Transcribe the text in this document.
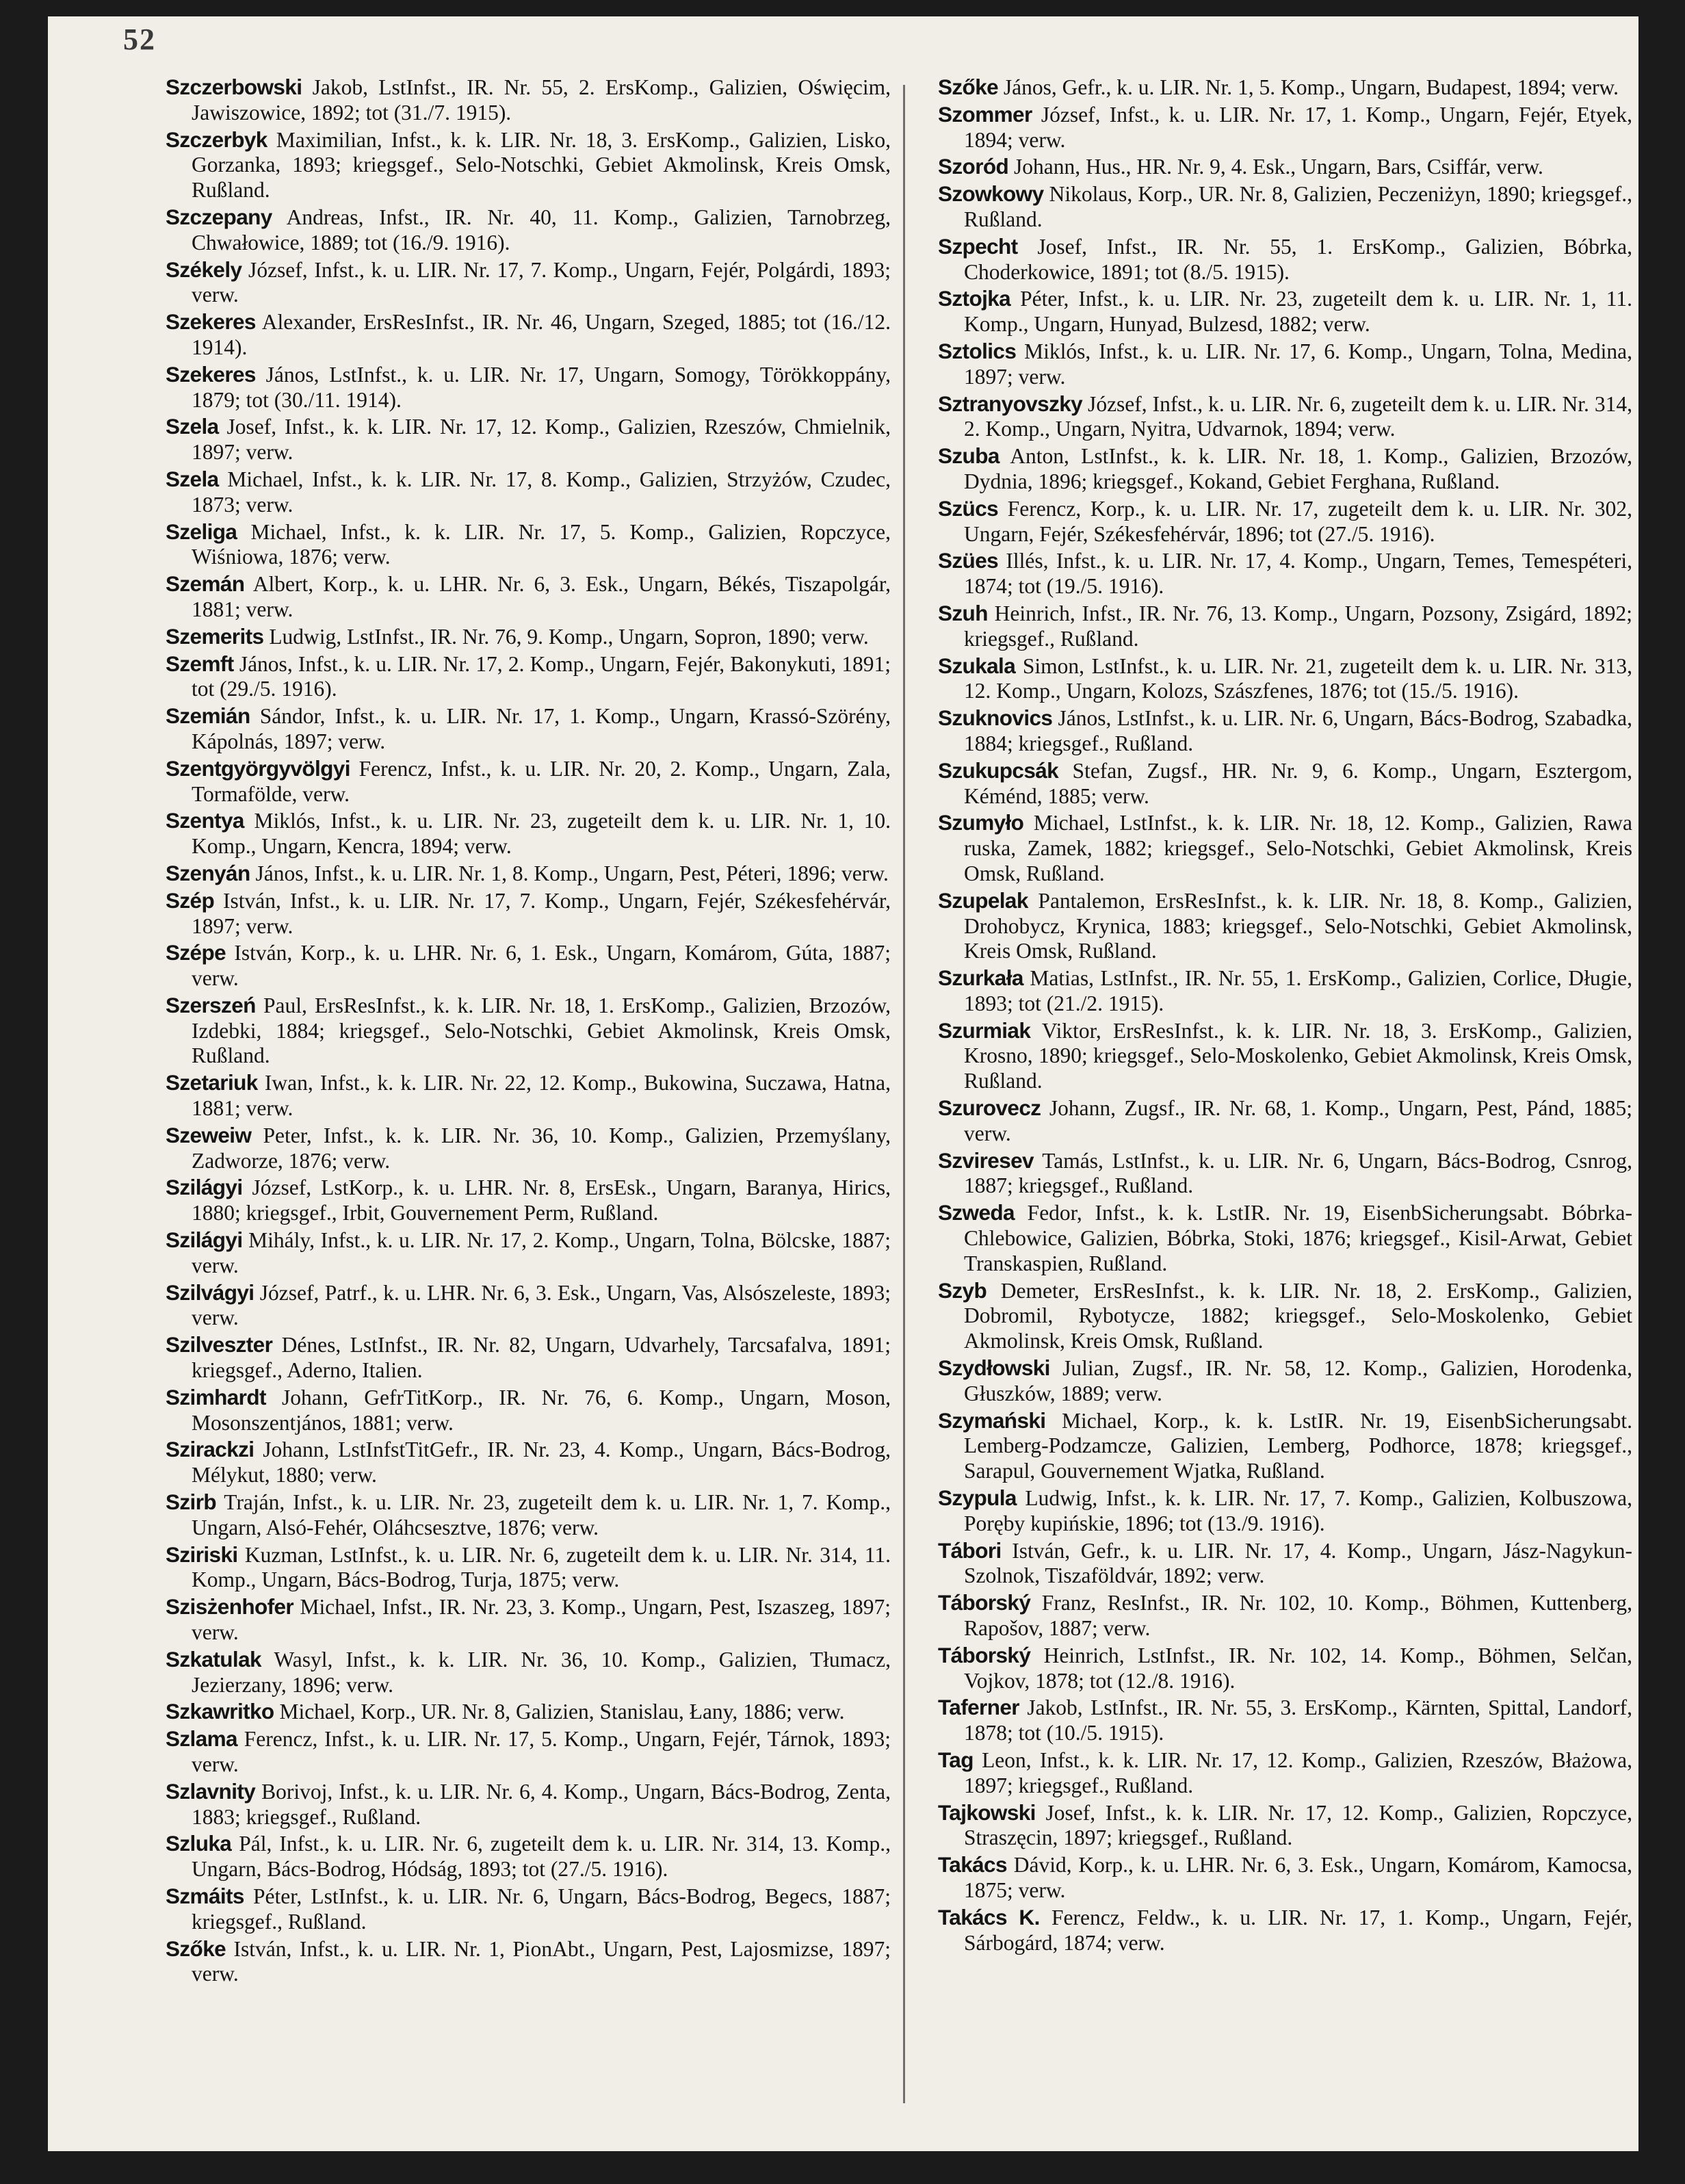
52

Szczerbowski Jakob, LstInfst., IR. Nr. 55, 2. ErsKomp., Galizien, Oświęcim, Jawiszowice, 1892; tot (31./7. 1915).

Szczerbyk Maximilian, Infst., k. k. LIR. Nr. 18, 3. ErsKomp., Galizien, Lisko, Gorzanka, 1893; kriegsgef., Selo-Notschki, Gebiet Akmolinsk, Kreis Omsk, Rußland.

Szczepany Andreas, Infst., IR. Nr. 40, 11. Komp., Galizien, Tarnobrzeg, Chwałowice, 1889; tot (16./9. 1916).

Székely József, Infst., k. u. LIR. Nr. 17, 7. Komp., Ungarn, Fejér, Polgárdi, 1893; verw.

Szekeres Alexander, ErsResInfst., IR. Nr. 46, Ungarn, Szeged, 1885; tot (16./12. 1914).

Szekeres János, LstInfst., k. u. LIR. Nr. 17, Ungarn, Somogy, Törökkoppány, 1879; tot (30./11. 1914).

Szela Josef, Infst., k. k. LIR. Nr. 17, 12. Komp., Galizien, Rzeszów, Chmielnik, 1897; verw.

Szela Michael, Infst., k. k. LIR. Nr. 17, 8. Komp., Galizien, Strzyżów, Czudec, 1873; verw.

Szeliga Michael, Infst., k. k. LIR. Nr. 17, 5. Komp., Galizien, Ropczyce, Wiśniowa, 1876; verw.

Szemán Albert, Korp., k. u. LHR. Nr. 6, 3. Esk., Ungarn, Békés, Tiszapolgár, 1881; verw.

Szemerits Ludwig, LstInfst., IR. Nr. 76, 9. Komp., Ungarn, Sopron, 1890; verw.

Szemft János, Infst., k. u. LIR. Nr. 17, 2. Komp., Ungarn, Fejér, Bakonykuti, 1891; tot (29./5. 1916).

Szemián Sándor, Infst., k. u. LIR. Nr. 17, 1. Komp., Ungarn, Krassó-Szörény, Kápolnás, 1897; verw.

Szentgyörgyvölgyi Ferencz, Infst., k. u. LIR. Nr. 20, 2. Komp., Ungarn, Zala, Tormafölde, verw.

Szentya Miklós, Infst., k. u. LIR. Nr. 23, zugeteilt dem k. u. LIR. Nr. 1, 10. Komp., Ungarn, Kencra, 1894; verw.

Szenyán János, Infst., k. u. LIR. Nr. 1, 8. Komp., Ungarn, Pest, Péteri, 1896; verw.

Szép István, Infst., k. u. LIR. Nr. 17, 7. Komp., Ungarn, Fejér, Székesfehérvár, 1897; verw.

Szépe István, Korp., k. u. LHR. Nr. 6, 1. Esk., Ungarn, Komárom, Gúta, 1887; verw.

Szerszeń Paul, ErsResInfst., k. k. LIR. Nr. 18, 1. ErsKomp., Galizien, Brzozów, Izdebki, 1884; kriegsgef., Selo-Notschki, Gebiet Akmolinsk, Kreis Omsk, Rußland.

Szetariuk Iwan, Infst., k. k. LIR. Nr. 22, 12. Komp., Bukowina, Suczawa, Hatna, 1881; verw.

Szeweiw Peter, Infst., k. k. LIR. Nr. 36, 10. Komp., Galizien, Przemyślany, Zadworze, 1876; verw.

Szilágyi József, LstKorp., k. u. LHR. Nr. 8, ErsEsk., Ungarn, Baranya, Hirics, 1880; kriegsgef., Irbit, Gouvernement Perm, Rußland.

Szilágyi Mihály, Infst., k. u. LIR. Nr. 17, 2. Komp., Ungarn, Tolna, Bölcske, 1887; verw.

Szilvágyi József, Patrf., k. u. LHR. Nr. 6, 3. Esk., Ungarn, Vas, Alsószeleste, 1893; verw.

Szilveszter Dénes, LstInfst., IR. Nr. 82, Ungarn, Udvarhely, Tarcsafalva, 1891; kriegsgef., Aderno, Italien.

Szimhardt Johann, GefrTitKorp., IR. Nr. 76, 6. Komp., Ungarn, Moson, Mosonszentjános, 1881; verw.

Szirackzi Johann, LstInfstTitGefr., IR. Nr. 23, 4. Komp., Ungarn, Bács-Bodrog, Mélykut, 1880; verw.

Szirb Traján, Infst., k. u. LIR. Nr. 23, zugeteilt dem k. u. LIR. Nr. 1, 7. Komp., Ungarn, Alsó-Fehér, Oláhcsesztve, 1876; verw.

Sziriski Kuzman, LstInfst., k. u. LIR. Nr. 6, zugeteilt dem k. u. LIR. Nr. 314, 11. Komp., Ungarn, Bács-Bodrog, Turja, 1875; verw.

Szisżenhofer Michael, Infst., IR. Nr. 23, 3. Komp., Ungarn, Pest, Iszaszeg, 1897; verw.

Szkatulak Wasyl, Infst., k. k. LIR. Nr. 36, 10. Komp., Galizien, Tłumacz, Jezierzany, 1896; verw.

Szkawritko Michael, Korp., UR. Nr. 8, Galizien, Stanislau, Łany, 1886; verw.

Szlama Ferencz, Infst., k. u. LIR. Nr. 17, 5. Komp., Ungarn, Fejér, Tárnok, 1893; verw.

Szlavnity Borivoj, Infst., k. u. LIR. Nr. 6, 4. Komp., Ungarn, Bács-Bodrog, Zenta, 1883; kriegsgef., Rußland.

Szluka Pál, Infst., k. u. LIR. Nr. 6, zugeteilt dem k. u. LIR. Nr. 314, 13. Komp., Ungarn, Bács-Bodrog, Hódság, 1893; tot (27./5. 1916).

Szmáits Péter, LstInfst., k. u. LIR. Nr. 6, Ungarn, Bács-Bodrog, Begecs, 1887; kriegsgef., Rußland.

Szőke István, Infst., k. u. LIR. Nr. 1, PionAbt., Ungarn, Pest, Lajosmizse, 1897; verw.

Szőke János, Gefr., k. u. LIR. Nr. 1, 5. Komp., Ungarn, Budapest, 1894; verw.

Szommer József, Infst., k. u. LIR. Nr. 17, 1. Komp., Ungarn, Fejér, Etyek, 1894; verw.

Szoród Johann, Hus., HR. Nr. 9, 4. Esk., Ungarn, Bars, Csiffár, verw.

Szowkowy Nikolaus, Korp., UR. Nr. 8, Galizien, Peczeniżyn, 1890; kriegsgef., Rußland.

Szpecht Josef, Infst., IR. Nr. 55, 1. ErsKomp., Galizien, Bóbrka, Choderkowice, 1891; tot (8./5. 1915).

Sztojka Péter, Infst., k. u. LIR. Nr. 23, zugeteilt dem k. u. LIR. Nr. 1, 11. Komp., Ungarn, Hunyad, Bulzesd, 1882; verw.

Sztolics Miklós, Infst., k. u. LIR. Nr. 17, 6. Komp., Ungarn, Tolna, Medina, 1897; verw.

Sztranyovszky József, Infst., k. u. LIR. Nr. 6, zugeteilt dem k. u. LIR. Nr. 314, 2. Komp., Ungarn, Nyitra, Udvarnok, 1894; verw.

Szuba Anton, LstInfst., k. k. LIR. Nr. 18, 1. Komp., Galizien, Brzozów, Dydnia, 1896; kriegsgef., Kokand, Gebiet Ferghana, Rußland.

Szücs Ferencz, Korp., k. u. LIR. Nr. 17, zugeteilt dem k. u. LIR. Nr. 302, Ungarn, Fejér, Székesfehérvár, 1896; tot (27./5. 1916).

Szües Illés, Infst., k. u. LIR. Nr. 17, 4. Komp., Ungarn, Temes, Temespéteri, 1874; tot (19./5. 1916).

Szuh Heinrich, Infst., IR. Nr. 76, 13. Komp., Ungarn, Pozsony, Zsigárd, 1892; kriegsgef., Rußland.

Szukala Simon, LstInfst., k. u. LIR. Nr. 21, zugeteilt dem k. u. LIR. Nr. 313, 12. Komp., Ungarn, Kolozs, Szászfenes, 1876; tot (15./5. 1916).

Szuknovics János, LstInfst., k. u. LIR. Nr. 6, Ungarn, Bács-Bodrog, Szabadka, 1884; kriegsgef., Rußland.

Szukupcsák Stefan, Zugsf., HR. Nr. 9, 6. Komp., Ungarn, Esztergom, Kéménd, 1885; verw.

Szumyło Michael, LstInfst., k. k. LIR. Nr. 18, 12. Komp., Galizien, Rawa ruska, Zamek, 1882; kriegsgef., Selo-Notschki, Gebiet Akmolinsk, Kreis Omsk, Rußland.

Szupelak Pantalemon, ErsResInfst., k. k. LIR. Nr. 18, 8. Komp., Galizien, Drohobycz, Krynica, 1883; kriegsgef., Selo-Notschki, Gebiet Akmolinsk, Kreis Omsk, Rußland.

Szurkała Matias, LstInfst., IR. Nr. 55, 1. ErsKomp., Galizien, Corlice, Długie, 1893; tot (21./2. 1915).

Szurmiak Viktor, ErsResInfst., k. k. LIR. Nr. 18, 3. ErsKomp., Galizien, Krosno, 1890; kriegsgef., Selo-Moskolenko, Gebiet Akmolinsk, Kreis Omsk, Rußland.

Szurovecz Johann, Zugsf., IR. Nr. 68, 1. Komp., Ungarn, Pest, Pánd, 1885; verw.

Szviresev Tamás, LstInfst., k. u. LIR. Nr. 6, Ungarn, Bács-Bodrog, Csnrog, 1887; kriegsgef., Rußland.

Szweda Fedor, Infst., k. k. LstIR. Nr. 19, EisenbSicherungsabt. Bóbrka-Chlebowice, Galizien, Bóbrka, Stoki, 1876; kriegsgef., Kisil-Arwat, Gebiet Transkaspien, Rußland.

Szyb Demeter, ErsResInfst., k. k. LIR. Nr. 18, 2. ErsKomp., Galizien, Dobromil, Rybotycze, 1882; kriegsgef., Selo-Moskolenko, Gebiet Akmolinsk, Kreis Omsk, Rußland.

Szydłowski Julian, Zugsf., IR. Nr. 58, 12. Komp., Galizien, Horodenka, Głuszków, 1889; verw.

Szymański Michael, Korp., k. k. LstIR. Nr. 19, EisenbSicherungsabt. Lemberg-Podzamcze, Galizien, Lemberg, Podhorce, 1878; kriegsgef., Sarapul, Gouvernement Wjatka, Rußland.

Szypula Ludwig, Infst., k. k. LIR. Nr. 17, 7. Komp., Galizien, Kolbuszowa, Poręby kupińskie, 1896; tot (13./9. 1916).

Tábori István, Gefr., k. u. LIR. Nr. 17, 4. Komp., Ungarn, Jász-Nagykun-Szolnok, Tiszaföldvár, 1892; verw.

Táborský Franz, ResInfst., IR. Nr. 102, 10. Komp., Böhmen, Kuttenberg, Rapošov, 1887; verw.

Táborský Heinrich, LstInfst., IR. Nr. 102, 14. Komp., Böhmen, Selčan, Vojkov, 1878; tot (12./8. 1916).

Taferner Jakob, LstInfst., IR. Nr. 55, 3. ErsKomp., Kärnten, Spittal, Landorf, 1878; tot (10./5. 1915).

Tag Leon, Infst., k. k. LIR. Nr. 17, 12. Komp., Galizien, Rzeszów, Błażowa, 1897; kriegsgef., Rußland.

Tajkowski Josef, Infst., k. k. LIR. Nr. 17, 12. Komp., Galizien, Ropczyce, Straszęcin, 1897; kriegsgef., Rußland.

Takács Dávid, Korp., k. u. LHR. Nr. 6, 3. Esk., Ungarn, Komárom, Kamocsa, 1875; verw.

Takács K. Ferencz, Feldw., k. u. LIR. Nr. 17, 1. Komp., Ungarn, Fejér, Sárbogárd, 1874; verw.
